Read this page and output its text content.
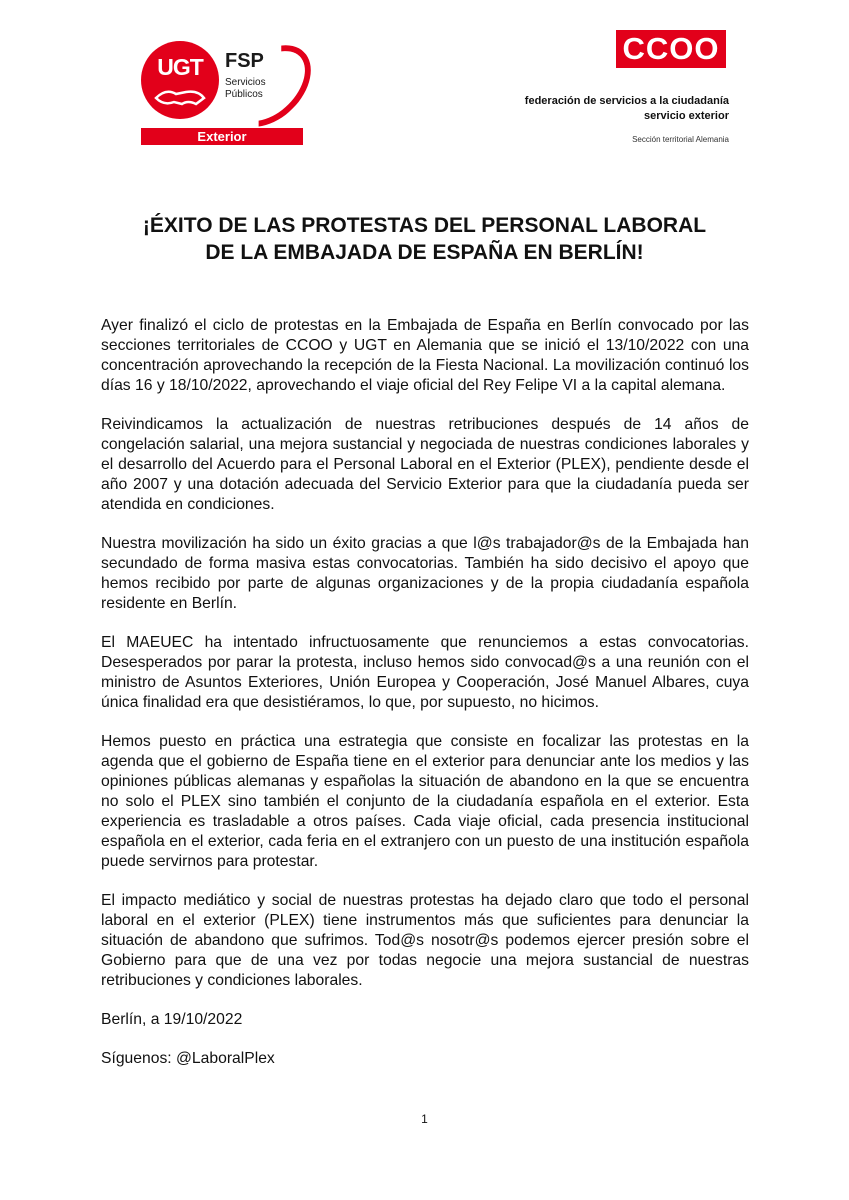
UGT	FSP
Servicios
Públicos
Exterior
CCOO
federación de servicios a la ciudadanía
servicio exterior
Sección territorial Alemania
¡ÉXITO DE LAS PROTESTAS DEL PERSONAL LABORAL
DE LA EMBAJADA DE ESPAÑA EN BERLÍN!

Ayer finalizó el ciclo de protestas en la Embajada de España en Berlín convocado por las secciones territoriales de CCOO y UGT en Alemania que se inició el 13/10/2022 con una concentración aprovechando la recepción de la Fiesta Nacional. La movilización continuó los días 16 y 18/10/2022, aprovechando el viaje oficial del Rey Felipe VI a la capital alemana.

Reivindicamos la actualización de nuestras retribuciones después de 14 años de congelación salarial, una mejora sustancial y negociada de nuestras condiciones laborales y el desarrollo del Acuerdo para el Personal Laboral en el Exterior (PLEX), pendiente desde el año 2007 y una dotación adecuada del Servicio Exterior para que la ciudadanía pueda ser atendida en condiciones.

Nuestra movilización ha sido un éxito gracias a que l@s trabajador@s de la Embajada han secundado de forma masiva estas convocatorias. También ha sido decisivo el apoyo que hemos recibido por parte de algunas organizaciones y de la propia ciudadanía española residente en Berlín.

El MAEUEC ha intentado infructuosamente que renunciemos a estas convocatorias. Desesperados por parar la protesta, incluso hemos sido convocad@s a una reunión con el ministro de Asuntos Exteriores, Unión Europea y Cooperación, José Manuel Albares, cuya única finalidad era que desistiéramos, lo que, por supuesto, no hicimos.

Hemos puesto en práctica una estrategia que consiste en focalizar las protestas en la agenda que el gobierno de España tiene en el exterior para denunciar ante los medios y las opiniones públicas alemanas y españolas la situación de abandono en la que se encuentra no solo el PLEX sino también el conjunto de la ciudadanía española en el exterior. Esta experiencia es trasladable a otros países. Cada viaje oficial, cada presencia institucional española en el exterior, cada feria en el extranjero con un puesto de una institución española puede servirnos para protestar.

El impacto mediático y social de nuestras protestas ha dejado claro que todo el personal laboral en el exterior (PLEX) tiene instrumentos más que suficientes para denunciar la situación de abandono que sufrimos. Tod@s nosotr@s podemos ejercer presión sobre el Gobierno para que de una vez por todas negocie una mejora sustancial de nuestras retribuciones y condiciones laborales.

Berlín, a 19/10/2022

Síguenos: @LaboralPlex

1
